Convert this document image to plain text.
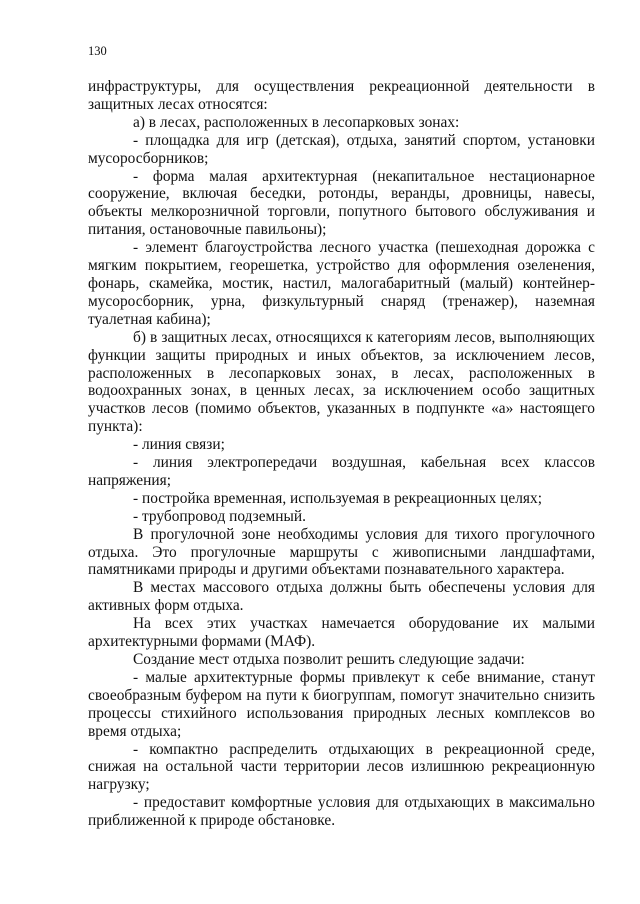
130

инфраструктуры, для осуществления рекреационной деятельности в защитных лесах относятся:

а) в лесах, расположенных в лесопарковых зонах:

- площадка для игр (детская), отдыха, занятий спортом, установки мусоросборников;

- форма малая архитектурная (некапитальное нестационарное сооружение, включая беседки, ротонды, веранды, дровницы, навесы, объекты мелкорозничной торговли, попутного бытового обслуживания и питания, остановочные павильоны);

- элемент благоустройства лесного участка (пешеходная дорожка с мягким покрытием, георешетка, устройство для оформления озеленения, фонарь, скамейка, мостик, настил, малогабаритный (малый) контейнер-мусоросборник, урна, физкультурный снаряд (тренажер), наземная туалетная кабина);

б) в защитных лесах, относящихся к категориям лесов, выполняющих функции защиты природных и иных объектов, за исключением лесов, расположенных в лесопарковых зонах, в лесах, расположенных в водоохранных зонах, в ценных лесах, за исключением особо защитных участков лесов (помимо объектов, указанных в подпункте «а» настоящего пункта):

- линия связи;

- линия электропередачи воздушная, кабельная всех классов напряжения;

- постройка временная, используемая в рекреационных целях;

- трубопровод подземный.

В прогулочной зоне необходимы условия для тихого прогулочного отдыха. Это прогулочные маршруты с живописными ландшафтами, памятниками природы и другими объектами познавательного характера.

В местах массового отдыха должны быть обеспечены условия для активных форм отдыха.

На всех этих участках намечается оборудование их малыми архитектурными формами (МАФ).

Создание мест отдыха позволит решить следующие задачи:

- малые архитектурные формы привлекут к себе внимание, станут своеобразным буфером на пути к биогруппам, помогут значительно снизить процессы стихийного использования природных лесных комплексов во время отдыха;

- компактно распределить отдыхающих в рекреационной среде, снижая на остальной части территории лесов излишнюю рекреационную нагрузку;

- предоставит комфортные условия для отдыхающих в максимально приближенной к природе обстановке.
